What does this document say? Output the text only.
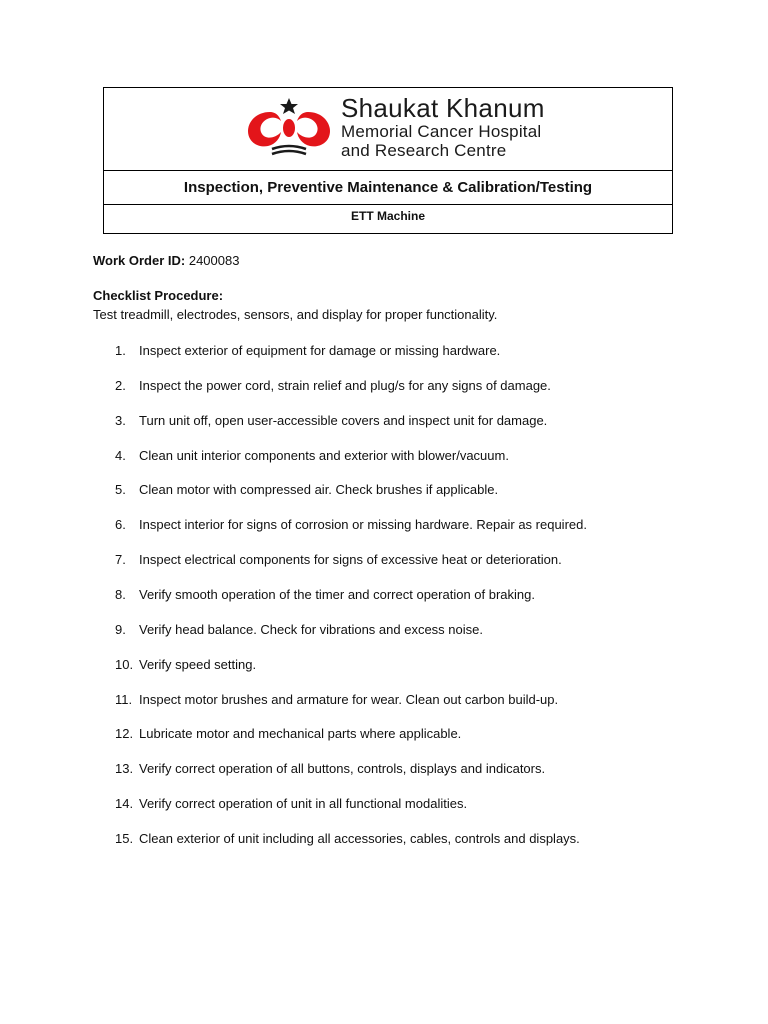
Shaukat Khanum
Memorial Cancer Hospital
and Research Centre
Inspection, Preventive Maintenance & Calibration/Testing
ETT Machine
Work Order ID: 2400083
Checklist Procedure:
Test treadmill, electrodes, sensors, and display for proper functionality.
1. Inspect exterior of equipment for damage or missing hardware.
2. Inspect the power cord, strain relief and plug/s for any signs of damage.
3. Turn unit off, open user-accessible covers and inspect unit for damage.
4. Clean unit interior components and exterior with blower/vacuum.
5. Clean motor with compressed air. Check brushes if applicable.
6. Inspect interior for signs of corrosion or missing hardware. Repair as required.
7. Inspect electrical components for signs of excessive heat or deterioration.
8. Verify smooth operation of the timer and correct operation of braking.
9. Verify head balance. Check for vibrations and excess noise.
10. Verify speed setting.
11. Inspect motor brushes and armature for wear. Clean out carbon build-up.
12. Lubricate motor and mechanical parts where applicable.
13. Verify correct operation of all buttons, controls, displays and indicators.
14. Verify correct operation of unit in all functional modalities.
15. Clean exterior of unit including all accessories, cables, controls and displays.
